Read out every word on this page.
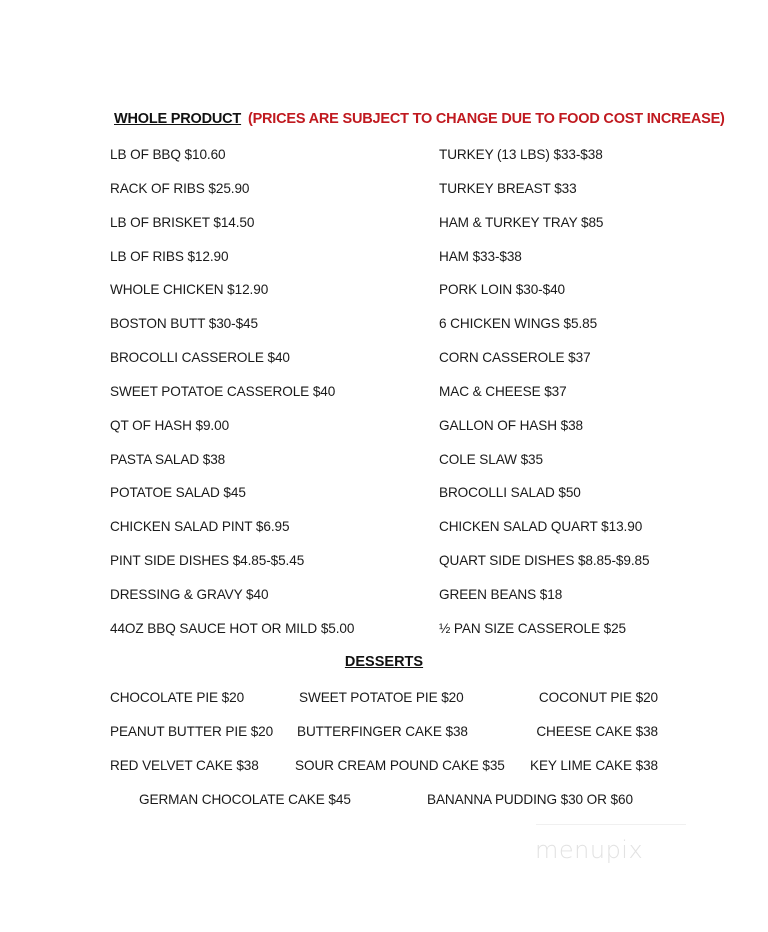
WHOLE PRODUCT (PRICES ARE SUBJECT TO CHANGE DUE TO FOOD COST INCREASE)
LB OF BBQ $10.60
RACK OF RIBS $25.90
LB OF BRISKET $14.50
LB OF RIBS $12.90
WHOLE CHICKEN $12.90
BOSTON BUTT $30-$45
BROCOLLI CASSEROLE $40
SWEET POTATOE CASSEROLE $40
QT OF HASH $9.00
PASTA SALAD $38
POTATOE SALAD $45
CHICKEN SALAD PINT $6.95
PINT SIDE DISHES $4.85-$5.45
DRESSING & GRAVY $40
44OZ BBQ SAUCE HOT OR MILD $5.00
TURKEY (13 LBS) $33-$38
TURKEY BREAST $33
HAM & TURKEY TRAY $85
HAM $33-$38
PORK LOIN $30-$40
6 CHICKEN WINGS $5.85
CORN CASSEROLE $37
MAC & CHEESE $37
GALLON OF HASH $38
COLE SLAW $35
BROCOLLI SALAD $50
CHICKEN SALAD QUART $13.90
QUART SIDE DISHES $8.85-$9.85
GREEN BEANS $18
½ PAN SIZE CASSEROLE $25
DESSERTS
CHOCOLATE PIE $20	SWEET POTATOE PIE $20	COCONUT PIE $20
PEANUT BUTTER PIE $20 BUTTERFINGER CAKE $38	CHEESE CAKE $38
RED VELVET CAKE $38	SOUR CREAM POUND CAKE $35 KEY LIME CAKE $38
GERMAN CHOCOLATE CAKE $45	BANANNA PUDDING $30 OR $60
menupix
